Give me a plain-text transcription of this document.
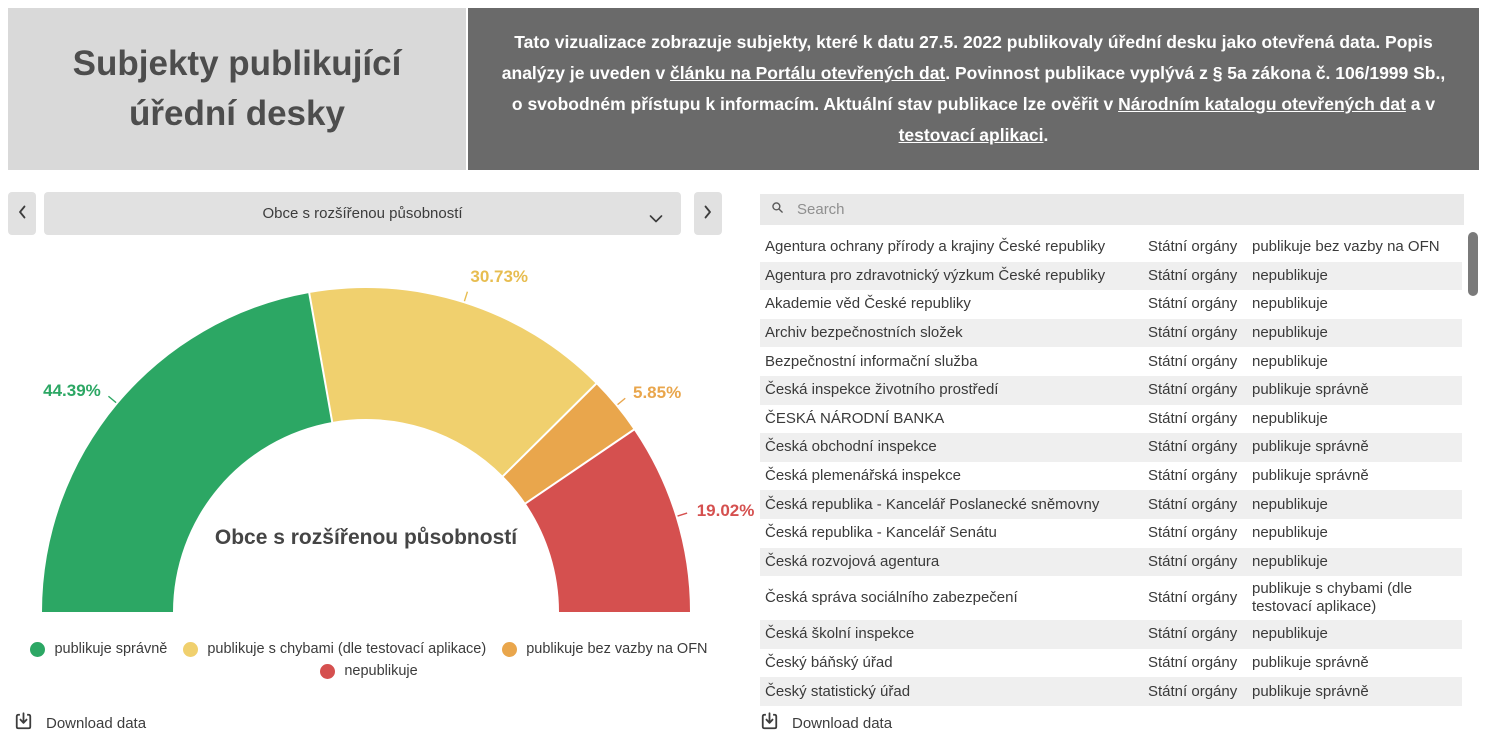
Subjekty publikující úřední desky
Tato vizualizace zobrazuje subjekty, které k datu 27.5. 2022 publikovaly úřední desku jako otevřená data. Popis analýzy je uveden v článku na Portálu otevřených dat. Povinnost publikace vyplývá z § 5a zákona č. 106/1999 Sb., o svobodném přístupu k informacím. Aktuální stav publikace lze ověřit v Národním katalogu otevřených dat a v testovací aplikaci.
Obce s rozšířenou působností
44.39%
30.73%
5.85%
19.02%
Obce s rozšířenou působností
publikuje správně	publikuje s chybami (dle testovací aplikace)	publikuje bez vazby na OFN
nepublikuje
Download data
Search
Agentura ochrany přírody a krajiny České republiky	Státní orgány publikuje bez vazby na OFN
Agentura pro zdravotnický výzkum České republiky	Státní orgány nepublikuje
Akademie věd České republiky	Státní orgány nepublikuje
Archiv bezpečnostních složek	Státní orgány nepublikuje
Bezpečnostní informační služba	Státní orgány nepublikuje
Česká inspekce životního prostředí	Státní orgány publikuje správně
ČESKÁ NÁRODNÍ BANKA	Státní orgány nepublikuje
Česká obchodní inspekce	Státní orgány publikuje správně
Česká plemenářská inspekce	Státní orgány publikuje správně
Česká republika - Kancelář Poslanecké sněmovny	Státní orgány nepublikuje
Česká republika - Kancelář Senátu	Státní orgány nepublikuje
Česká rozvojová agentura	Státní orgány nepublikuje
Česká správa sociálního zabezpečení	Státní orgány
publikuje s chybami (dle testovací aplikace)
Česká školní inspekce	Státní orgány nepublikuje
Český báňský úřad	Státní orgány publikuje správně
Český statistický úřad	Státní orgány publikuje správně
Download data
